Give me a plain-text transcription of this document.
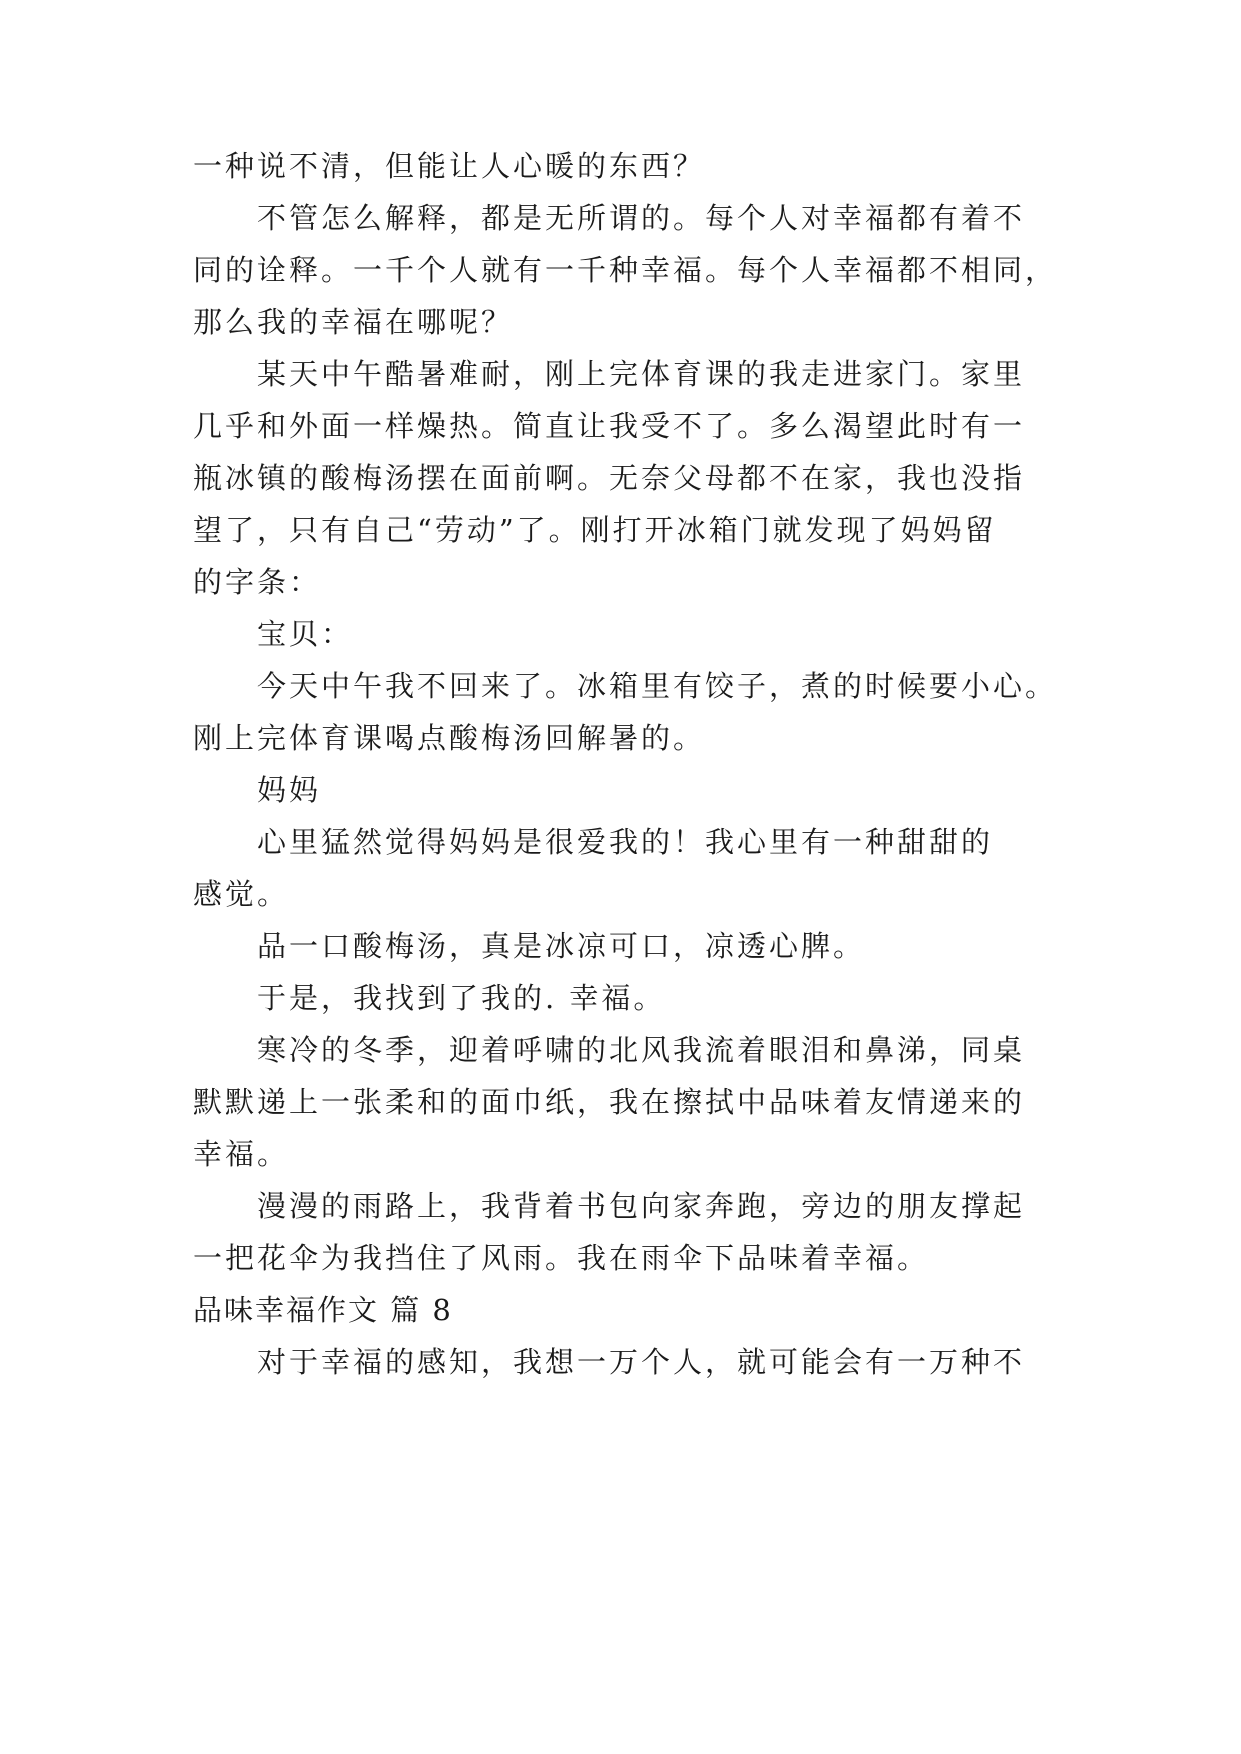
一种说不清，但能让人心暖的东西？
不管怎么解释，都是无所谓的。每个人对幸福都有着不
同的诠释。一千个人就有一千种幸福。每个人幸福都不相同，
那么我的幸福在哪呢？
某天中午酷暑难耐，刚上完体育课的我走进家门。家里
几乎和外面一样燥热。简直让我受不了。多么渴望此时有一
瓶冰镇的酸梅汤摆在面前啊。无奈父母都不在家，我也没指
望了，只有自己“劳动”了。刚打开冰箱门就发现了妈妈留
的字条：
宝贝：
今天中午我不回来了。冰箱里有饺子，煮的时候要小心。
刚上完体育课喝点酸梅汤回解暑的。
妈妈
心里猛然觉得妈妈是很爱我的！我心里有一种甜甜的
感觉。
品一口酸梅汤，真是冰凉可口，凉透心脾。
于是，我找到了我的. 幸福。
寒冷的冬季，迎着呼啸的北风我流着眼泪和鼻涕，同桌
默默递上一张柔和的面巾纸，我在擦拭中品味着友情递来的
幸福。
漫漫的雨路上，我背着书包向家奔跑，旁边的朋友撑起
一把花伞为我挡住了风雨。我在雨伞下品味着幸福。
品味幸福作文 篇 8
对于幸福的感知，我想一万个人，就可能会有一万种不
